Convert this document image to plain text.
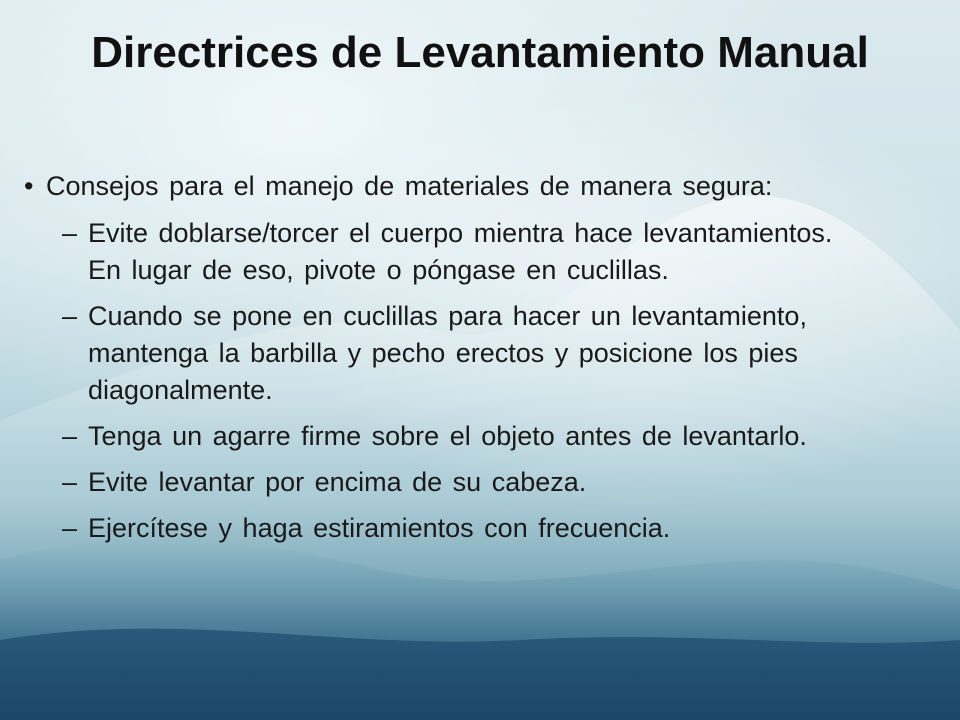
Directrices de Levantamiento Manual
• Consejos para el manejo de materiales de manera segura:
– Evite doblarse/torcer el cuerpo mientra hace levantamientos. En lugar de eso, pivote o póngase en cuclillas.
– Cuando se pone en cuclillas para hacer un levantamiento, mantenga la barbilla y pecho erectos y posicione los pies diagonalmente.
– Tenga un agarre firme sobre el objeto antes de levantarlo.
– Evite levantar por encima de su cabeza.
– Ejercítese y haga estiramientos con frecuencia.
